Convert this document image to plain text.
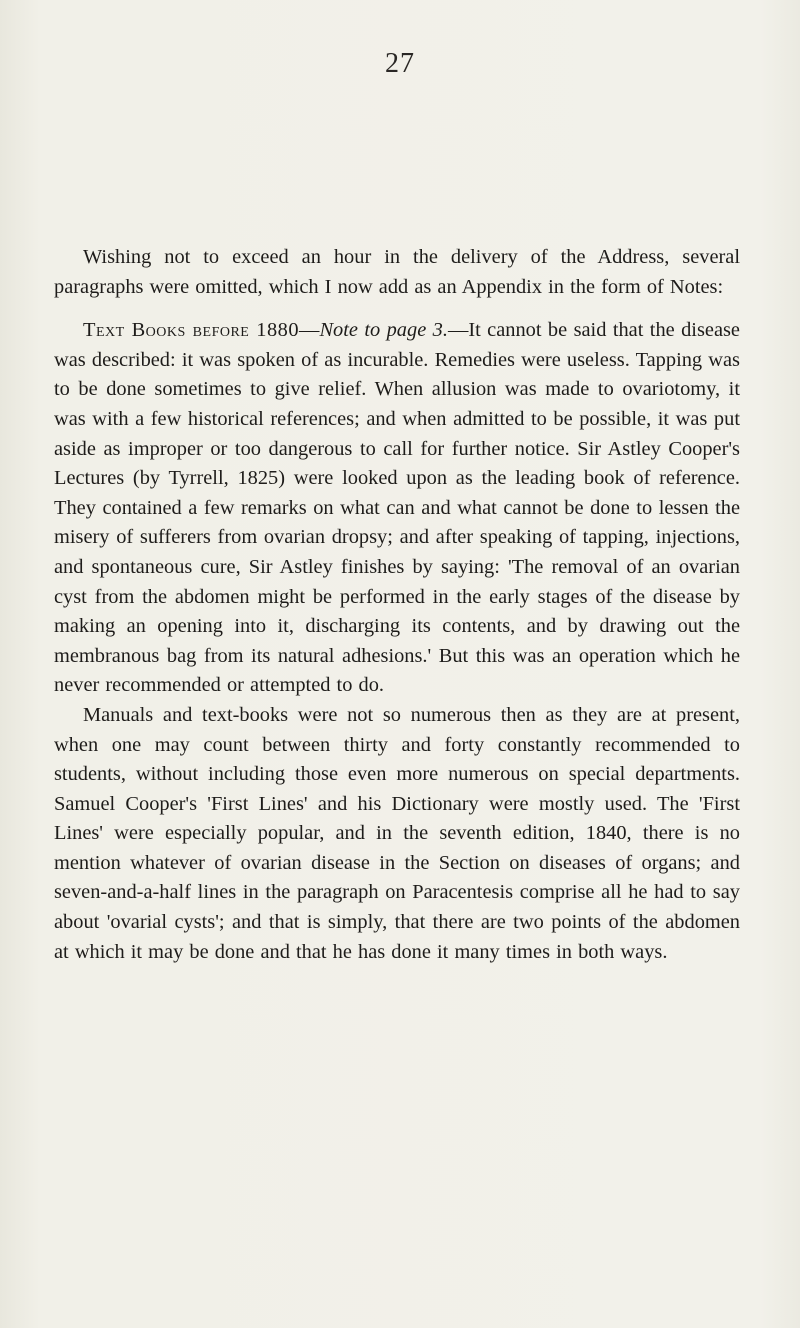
27

Wishing not to exceed an hour in the delivery of the Address, several paragraphs were omitted, which I now add as an Appendix in the form of Notes:

Text Books before 1880—Note to page 3.—It cannot be said that the disease was described: it was spoken of as incurable. Remedies were useless. Tapping was to be done sometimes to give relief. When allusion was made to ovariotomy, it was with a few historical references; and when admitted to be possible, it was put aside as improper or too dangerous to call for further notice. Sir Astley Cooper's Lectures (by Tyrrell, 1825) were looked upon as the leading book of reference. They contained a few remarks on what can and what cannot be done to lessen the misery of sufferers from ovarian dropsy; and after speaking of tapping, injections, and spontaneous cure, Sir Astley finishes by saying: 'The removal of an ovarian cyst from the abdomen might be performed in the early stages of the disease by making an opening into it, discharging its contents, and by drawing out the membranous bag from its natural adhesions.' But this was an operation which he never recommended or attempted to do.

Manuals and text-books were not so numerous then as they are at present, when one may count between thirty and forty constantly recommended to students, without including those even more numerous on special departments. Samuel Cooper's 'First Lines' and his Dictionary were mostly used. The 'First Lines' were especially popular, and in the seventh edition, 1840, there is no mention whatever of ovarian disease in the Section on diseases of organs; and seven-and-a-half lines in the paragraph on Paracentesis comprise all he had to say about 'ovarial cysts'; and that is simply, that there are two points of the abdomen at which it may be done and that he has done it many times in both ways.
